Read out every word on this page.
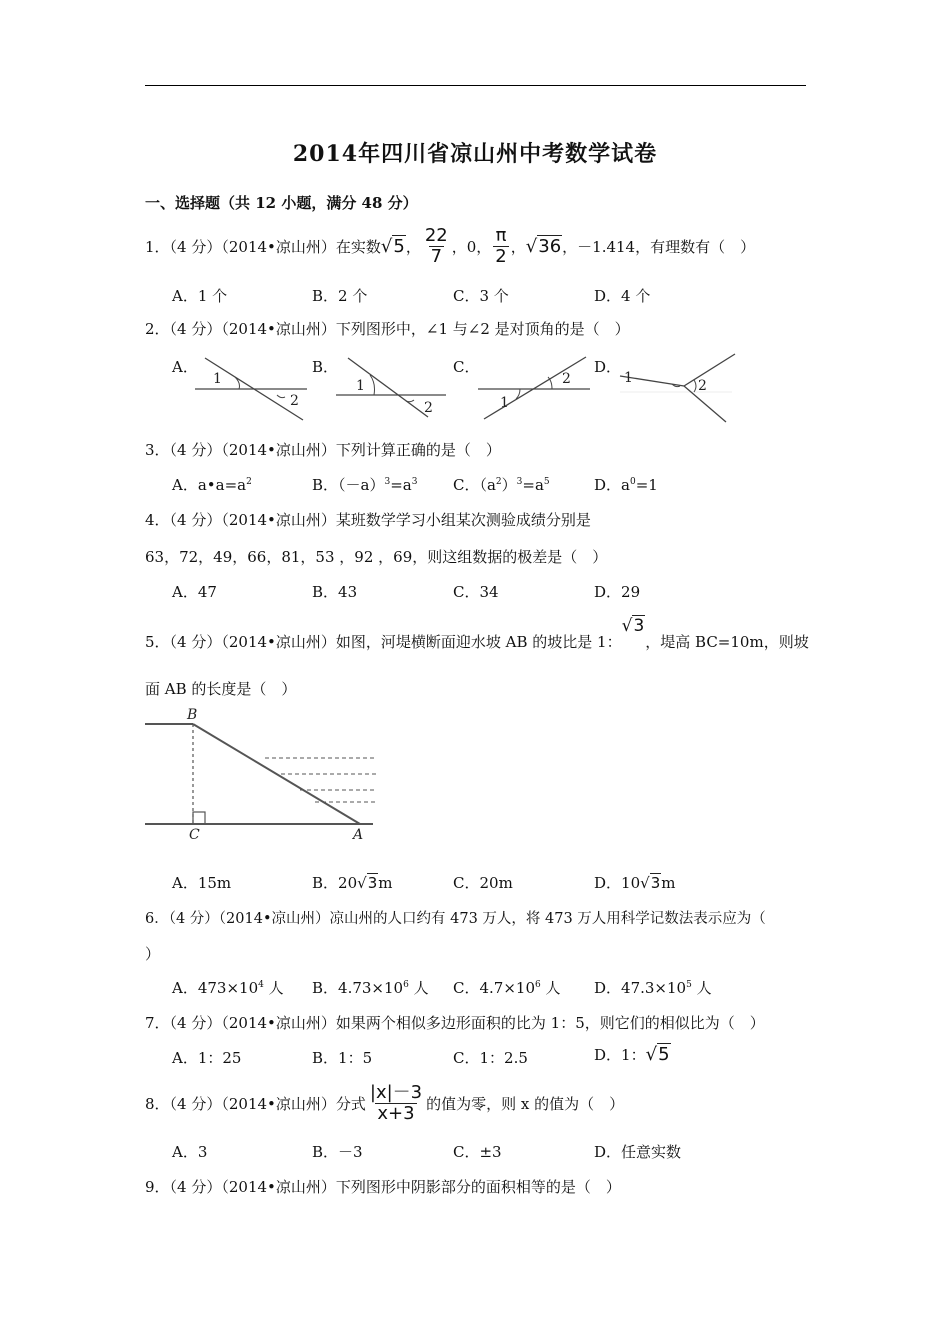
2014年四川省凉山州中考数学试卷
一、选择题（共 12 小题，满分 48 分）
1．（4 分）（2014•凉山州）在实数 √5 ， $\frac{22}{7}$ ，0， $\frac{\pi}{2}$ ， √36 ，－1.414，有理数有（　）
A．1 个	B．2 个	C．3 个	D．4 个
2．（4 分）（2014•凉山州）下列图形中，∠1 与∠2 是对顶角的是（　）
A．	B．	C．	D．
1
2
1
2	1
2	1	2
3．（4 分）（2014•凉山州）下列计算正确的是（　）
A．$a•a=a^2$	B．$(-a)^3=a^3$ C．$(a^2)^3=a^5$	D．$a^0=1$
4．（4 分）（2014•凉山州）某班数学学习小组某次测验成绩分别是
63，72，49，66，81，53 ，92 ，69，则这组数据的极差是（　）
A．47	B．43	C．34	D．29
5．（4 分）（2014•凉山州）如图，河堤横断面迎水坡 AB 的坡比是 1：√3，堤高 BC=10m，则坡
面 AB 的长度是（　）
B
C	A
A．15m	B．20√3m	C．20m	D．10√3m
6．（4 分）（2014•凉山州）凉山州的人口约有 473 万人，将 473 万人用科学记数法表示应为（
）
A．$473\times 10^4$ 人 B．$4.73\times 10^6$ 人 C．$4.7\times 10^6$ 人 D．$47.3\times 10^5$ 人
7．（4 分）（2014•凉山州）如果两个相似多边形面积的比为 1：5，则它们的相似比为（　）
A．1：25	B．1：5	C．1：2.5	D．1：√5
8．（4 分）（2014•凉山州）分式 $\frac{|x|-3}{x+3}$ 的值为零，则 x 的值为（　）
A．3	B．－3	C．±3	D．任意实数
9．（4 分）（2014•凉山州）下列图形中阴影部分的面积相等的是（　）
